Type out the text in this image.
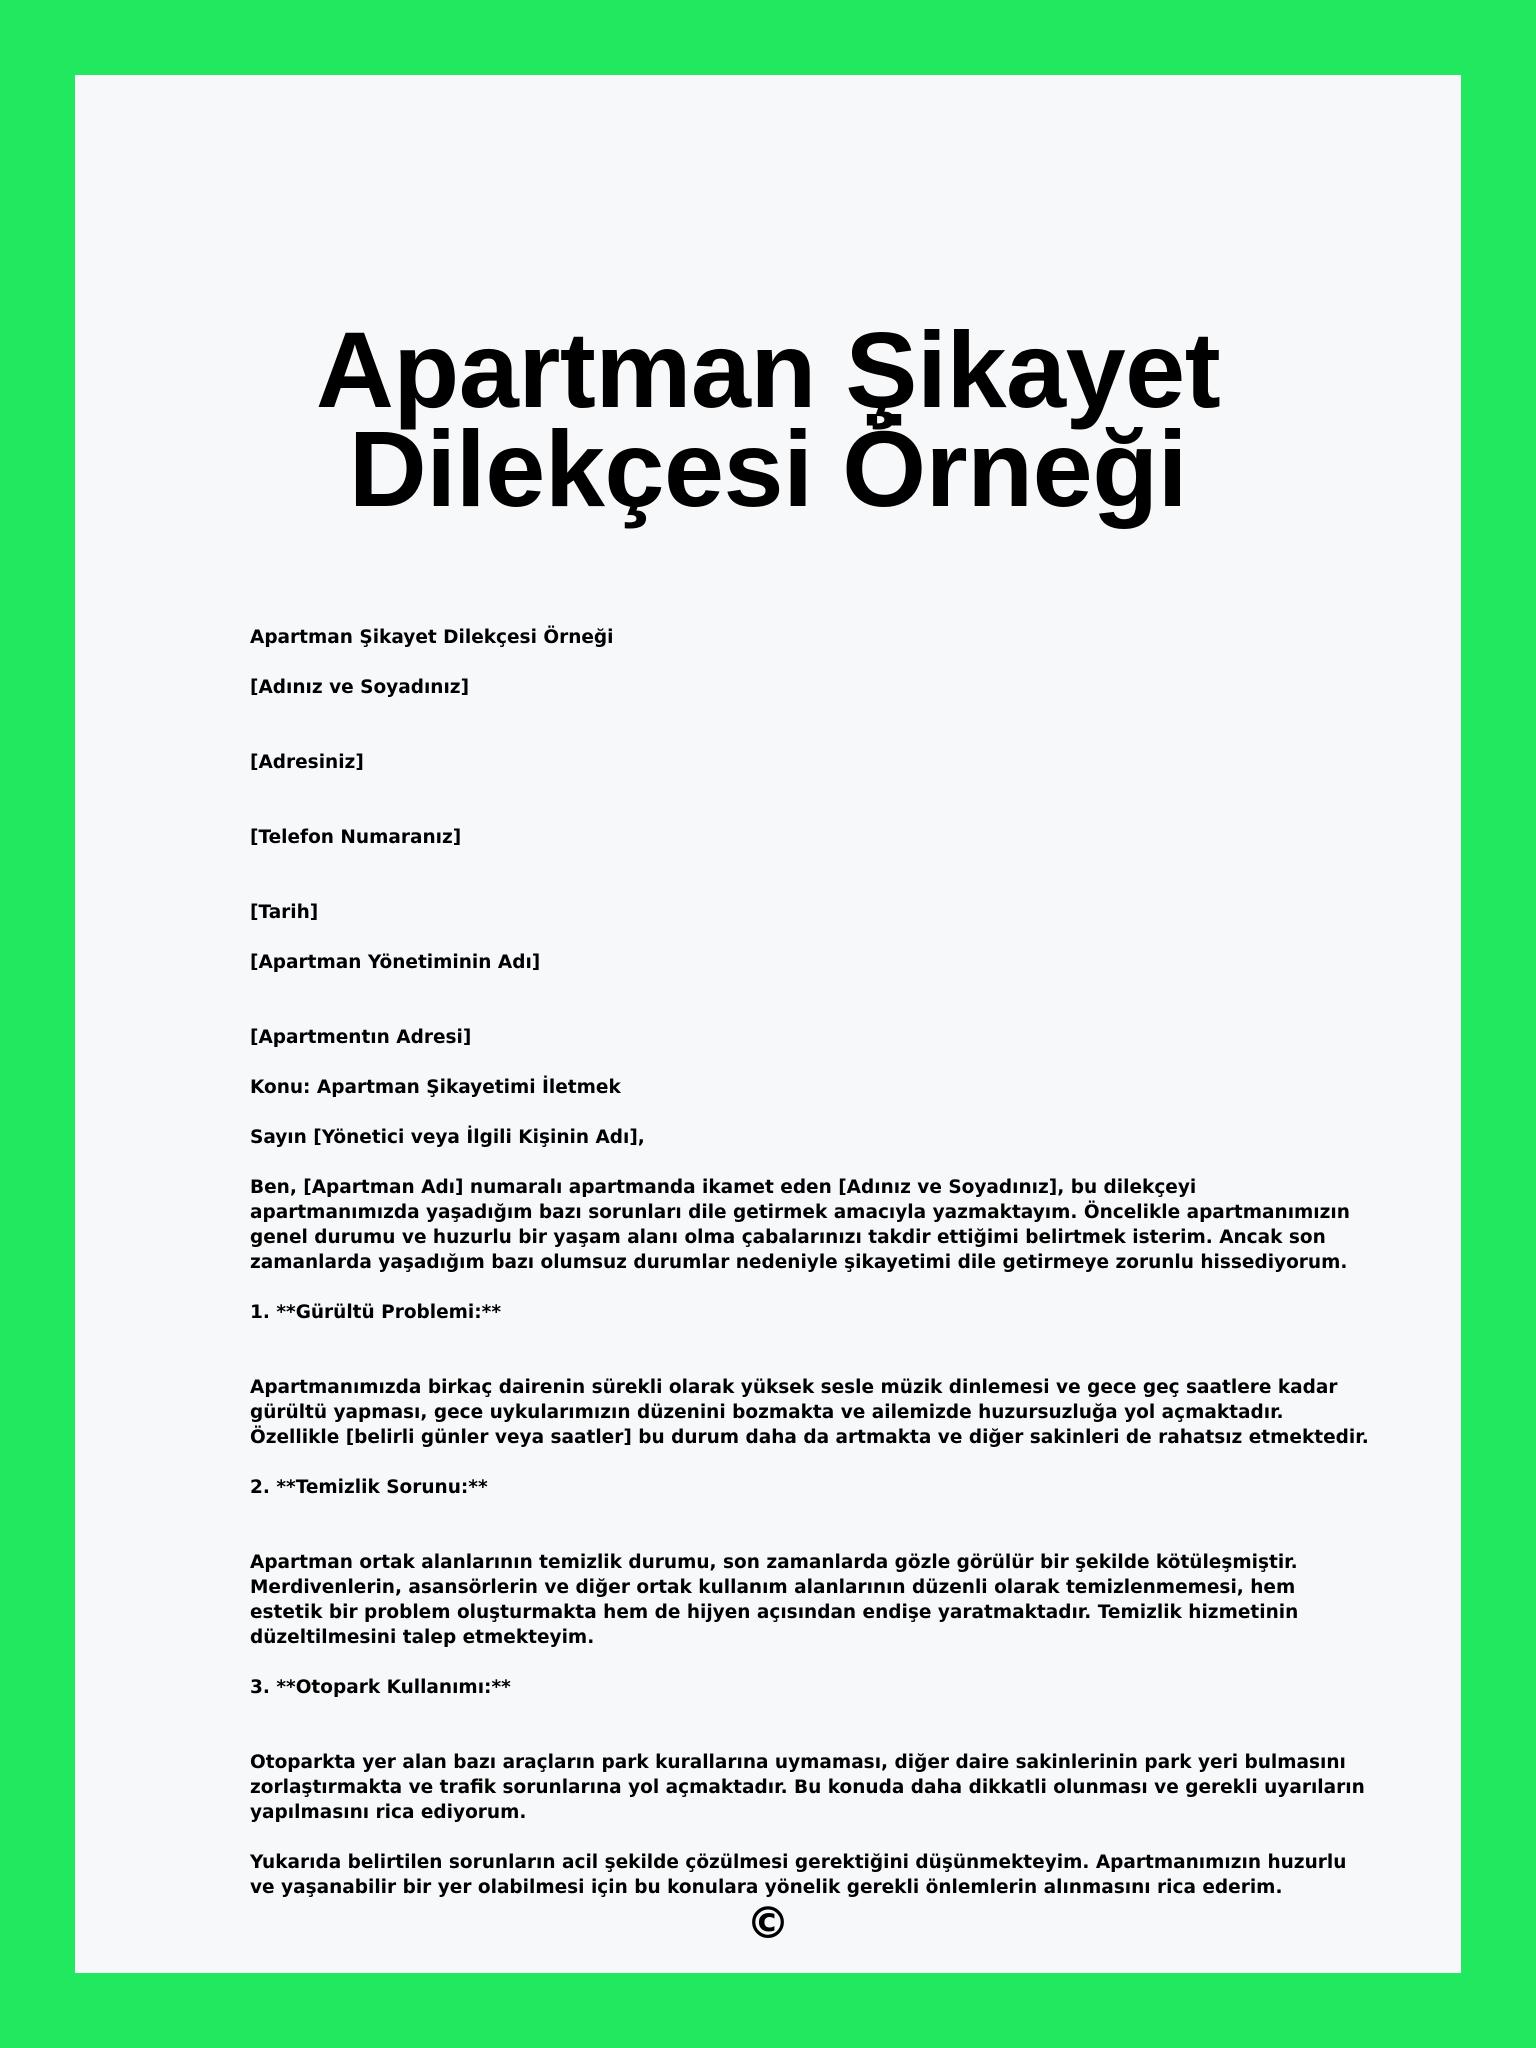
Apartman Şikayet Dilekçesi Örneği

Apartman Şikayet Dilekçesi Örneği

[Adınız ve Soyadınız]

[Adresiniz]

[Telefon Numaranız]

[Tarih]

[Apartman Yönetiminin Adı]

[Apartmentın Adresi]

Konu: Apartman Şikayetimi İletmek

Sayın [Yönetici veya İlgili Kişinin Adı],

Ben, [Apartman Adı] numaralı apartmanda ikamet eden [Adınız ve Soyadınız], bu dilekçeyi apartmanımızda yaşadığım bazı sorunları dile getirmek amacıyla yazmaktayım. Öncelikle apartmanımızın genel durumu ve huzurlu bir yaşam alanı olma çabalarınızı takdir ettiğimi belirtmek isterim. Ancak son zamanlarda yaşadığım bazı olumsuz durumlar nedeniyle şikayetimi dile getirmeye zorunlu hissediyorum.

1. **Gürültü Problemi:**

Apartmanımızda birkaç dairenin sürekli olarak yüksek sesle müzik dinlemesi ve gece geç saatlere kadar gürültü yapması, gece uykularımızın düzenini bozmakta ve ailemizde huzursuzluğa yol açmaktadır. Özellikle [belirli günler veya saatler] bu durum daha da artmakta ve diğer sakinleri de rahatsız etmektedir.

2. **Temizlik Sorunu:**

Apartman ortak alanlarının temizlik durumu, son zamanlarda gözle görülür bir şekilde kötüleşmiştir. Merdivenlerin, asansörlerin ve diğer ortak kullanım alanlarının düzenli olarak temizlenmemesi, hem estetik bir problem oluşturmakta hem de hijyen açısından endişe yaratmaktadır. Temizlik hizmetinin düzeltilmesini talep etmekteyim.

3. **Otopark Kullanımı:**

Otoparkta yer alan bazı araçların park kurallarına uymaması, diğer daire sakinlerinin park yeri bulmasını zorlaştırmakta ve trafik sorunlarına yol açmaktadır. Bu konuda daha dikkatli olunması ve gerekli uyarıların yapılmasını rica ediyorum.

Yukarıda belirtilen sorunların acil şekilde çözülmesi gerektiğini düşünmekteyim. Apartmanımızın huzurlu ve yaşanabilir bir yer olabilmesi için bu konulara yönelik gerekli önlemlerin alınmasını rica ederim.

©
